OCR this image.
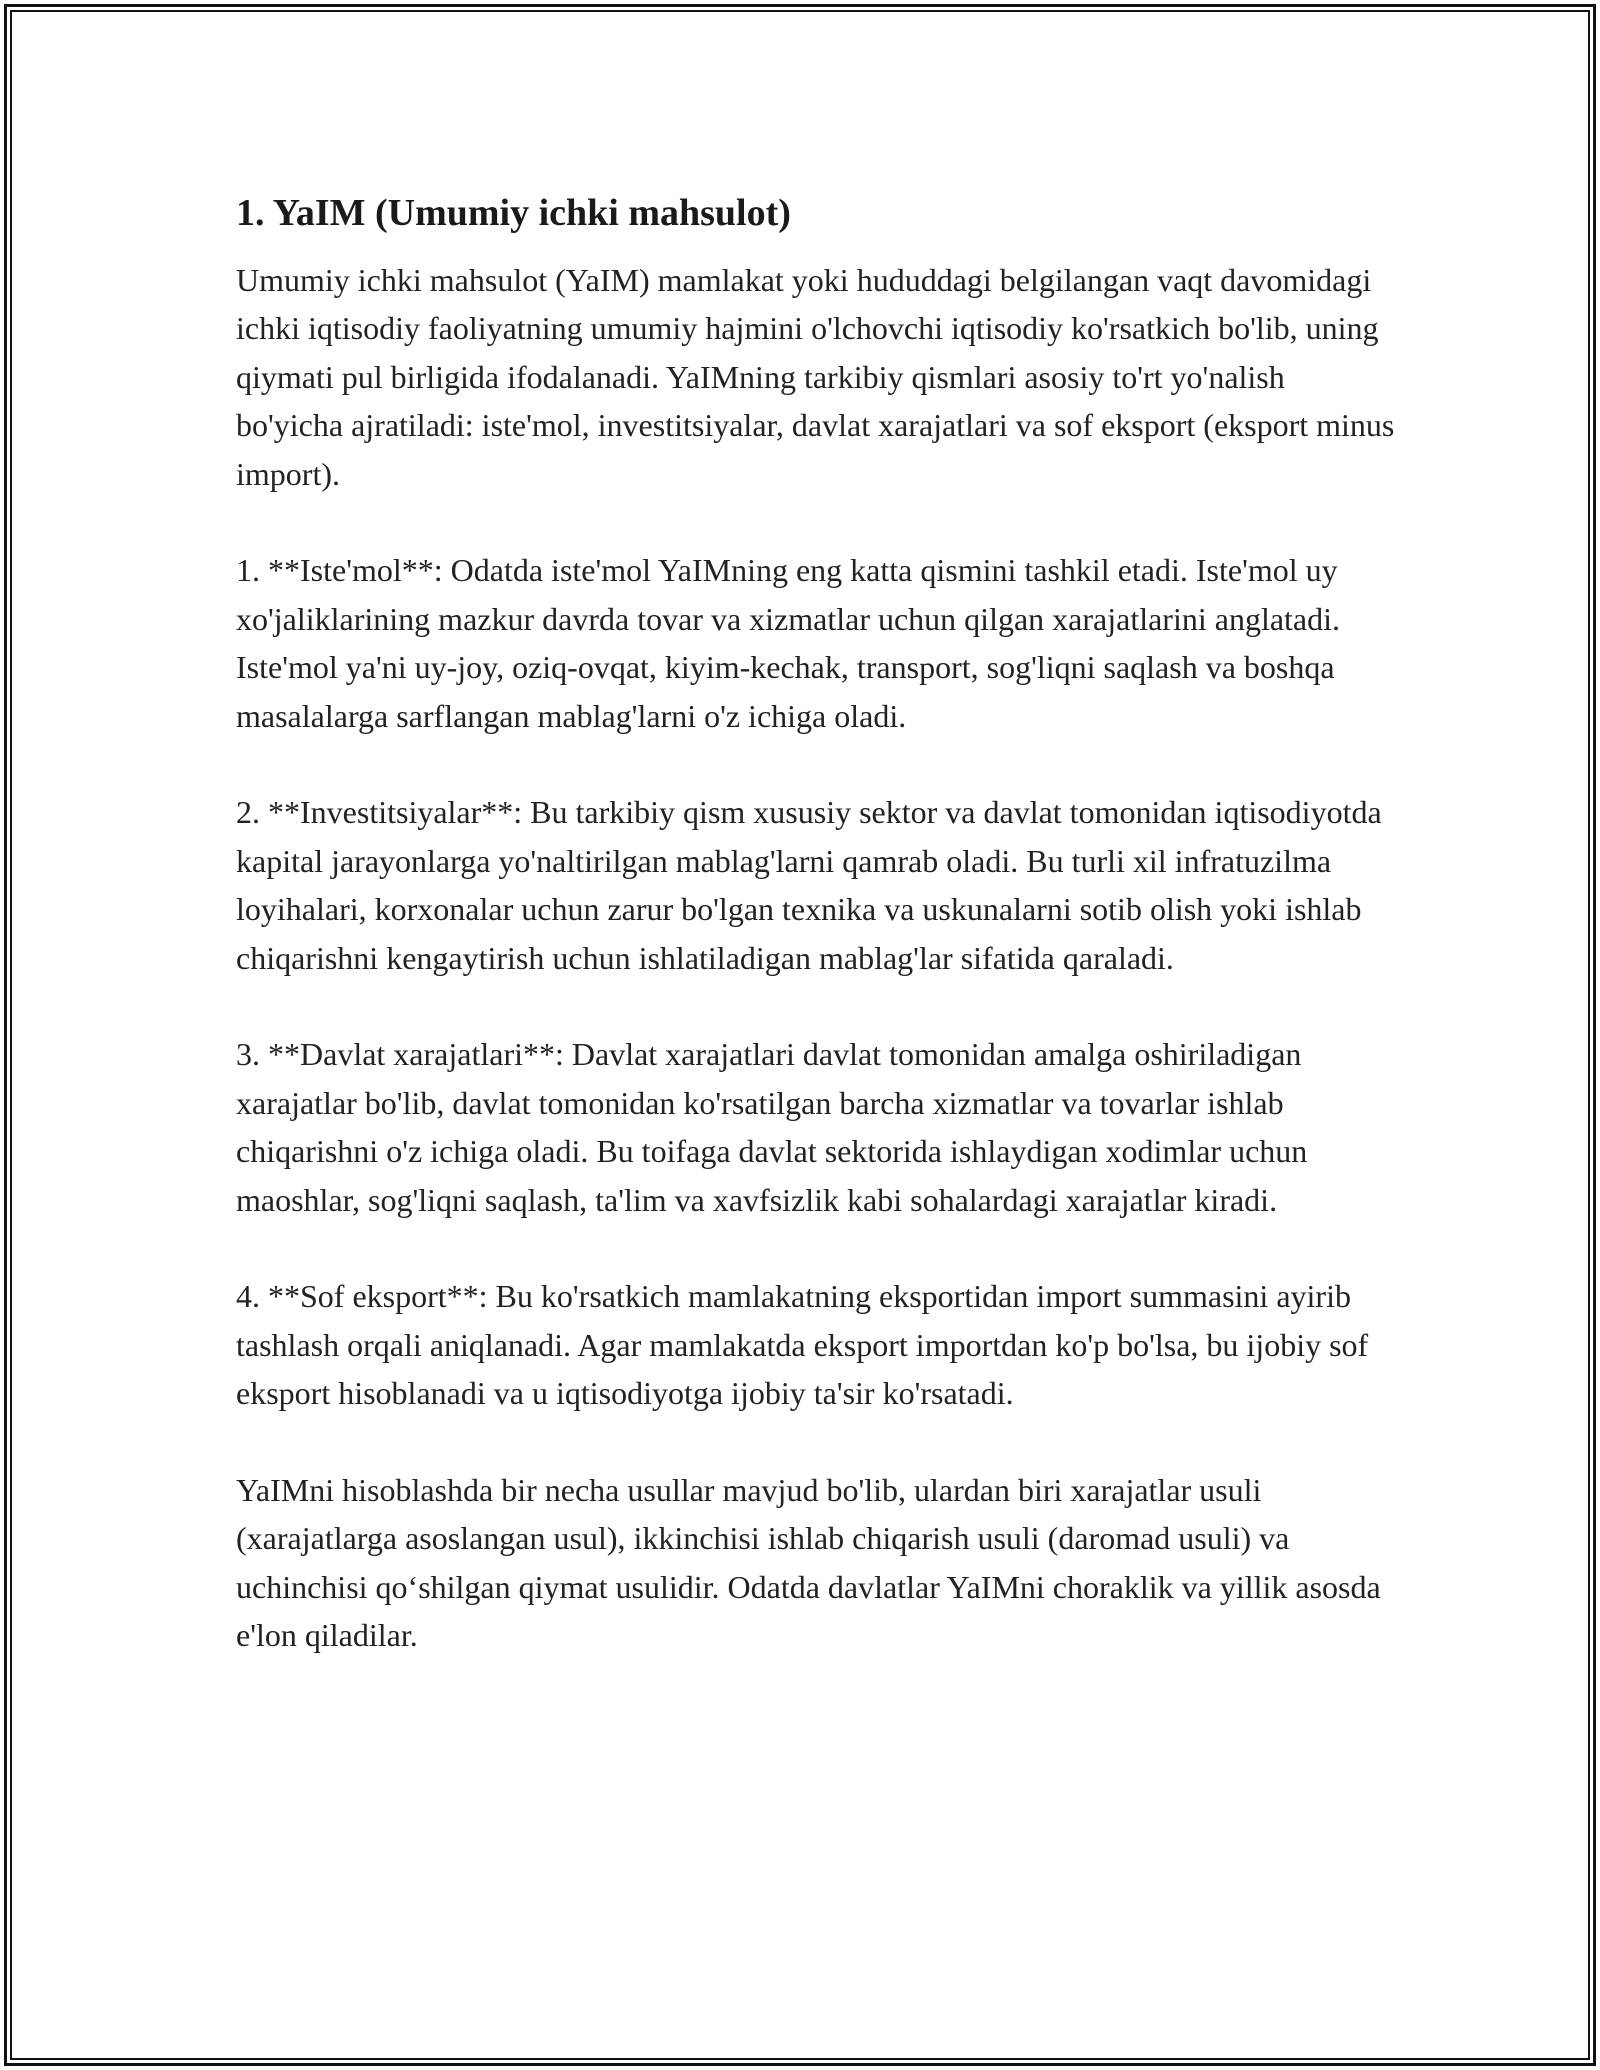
1. YaIM (Umumiy ichki mahsulot)

Umumiy ichki mahsulot (YaIM) mamlakat yoki hududdagi belgilangan vaqt davomidagi ichki iqtisodiy faoliyatning umumiy hajmini o'lchovchi iqtisodiy ko'rsatkich bo'lib, uning qiymati pul birligida ifodalanadi. YaIMning tarkibiy qismlari asosiy to'rt yo'nalish bo'yicha ajratiladi: iste'mol, investitsiyalar, davlat xarajatlari va sof eksport (eksport minus import).

1. **Iste'mol**: Odatda iste'mol YaIMning eng katta qismini tashkil etadi. Iste'mol uy xo'jaliklarining mazkur davrda tovar va xizmatlar uchun qilgan xarajatlarini anglatadi. Iste'mol ya'ni uy-joy, oziq-ovqat, kiyim-kechak, transport, sog'liqni saqlash va boshqa masalalarga sarflangan mablag'larni o'z ichiga oladi.

2. **Investitsiyalar**: Bu tarkibiy qism xususiy sektor va davlat tomonidan iqtisodiyotda kapital jarayonlarga yo'naltirilgan mablag'larni qamrab oladi. Bu turli xil infratuzilma loyihalari, korxonalar uchun zarur bo'lgan texnika va uskunalarni sotib olish yoki ishlab chiqarishni kengaytirish uchun ishlatiladigan mablag'lar sifatida qaraladi.

3. **Davlat xarajatlari**: Davlat xarajatlari davlat tomonidan amalga oshiriladigan xarajatlar bo'lib, davlat tomonidan ko'rsatilgan barcha xizmatlar va tovarlar ishlab chiqarishni o'z ichiga oladi. Bu toifaga davlat sektorida ishlaydigan xodimlar uchun maoshlar, sog'liqni saqlash, ta'lim va xavfsizlik kabi sohalardagi xarajatlar kiradi.

4. **Sof eksport**: Bu ko'rsatkich mamlakatning eksportidan import summasini ayirib tashlash orqali aniqlanadi. Agar mamlakatda eksport importdan ko'p bo'lsa, bu ijobiy sof eksport hisoblanadi va u iqtisodiyotga ijobiy ta'sir ko'rsatadi.

YaIMni hisoblashda bir necha usullar mavjud bo'lib, ulardan biri xarajatlar usuli (xarajatlarga asoslangan usul), ikkinchisi ishlab chiqarish usuli (daromad usuli) va uchinchisi qo‘shilgan qiymat usulidir. Odatda davlatlar YaIMni choraklik va yillik asosda e'lon qiladilar.
